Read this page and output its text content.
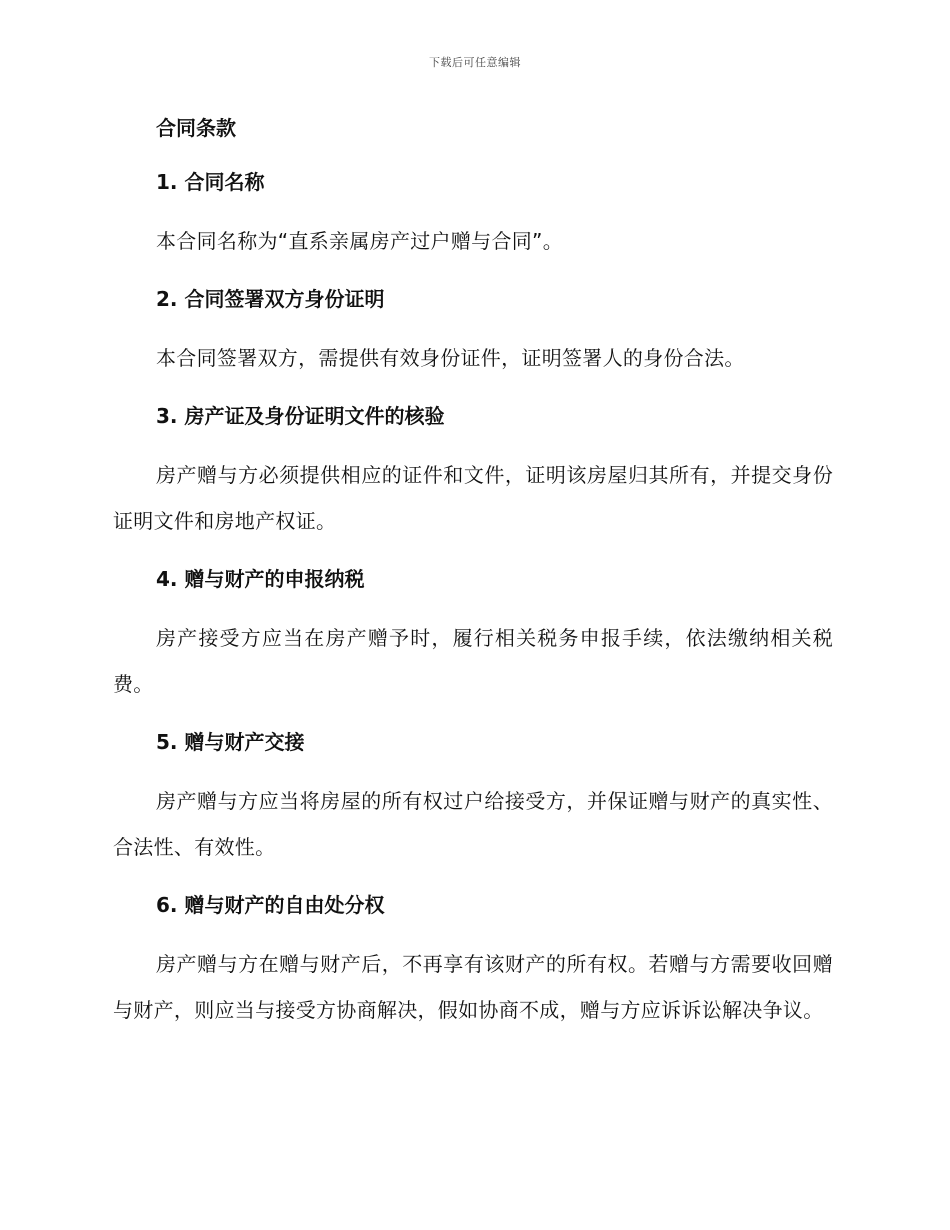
下载后可任意编辑
合同条款
1. 合同名称

本合同名称为“直系亲属房产过户赠与合同”。

2. 合同签署双方身份证明

本合同签署双方，需提供有效身份证件，证明签署人的身份合法。

3. 房产证及身份证明文件的核验

房产赠与方必须提供相应的证件和文件，证明该房屋归其所有，并提交身份证明文件和房地产权证。

4. 赠与财产的申报纳税

房产接受方应当在房产赠予时，履行相关税务申报手续，依法缴纳相关税费。

5. 赠与财产交接

房产赠与方应当将房屋的所有权过户给接受方，并保证赠与财产的真实性、合法性、有效性。

6. 赠与财产的自由处分权

房产赠与方在赠与财产后，不再享有该财产的所有权。若赠与方需要收回赠与财产，则应当与接受方协商解决，假如协商不成，赠与方应诉诉讼解决争议。
